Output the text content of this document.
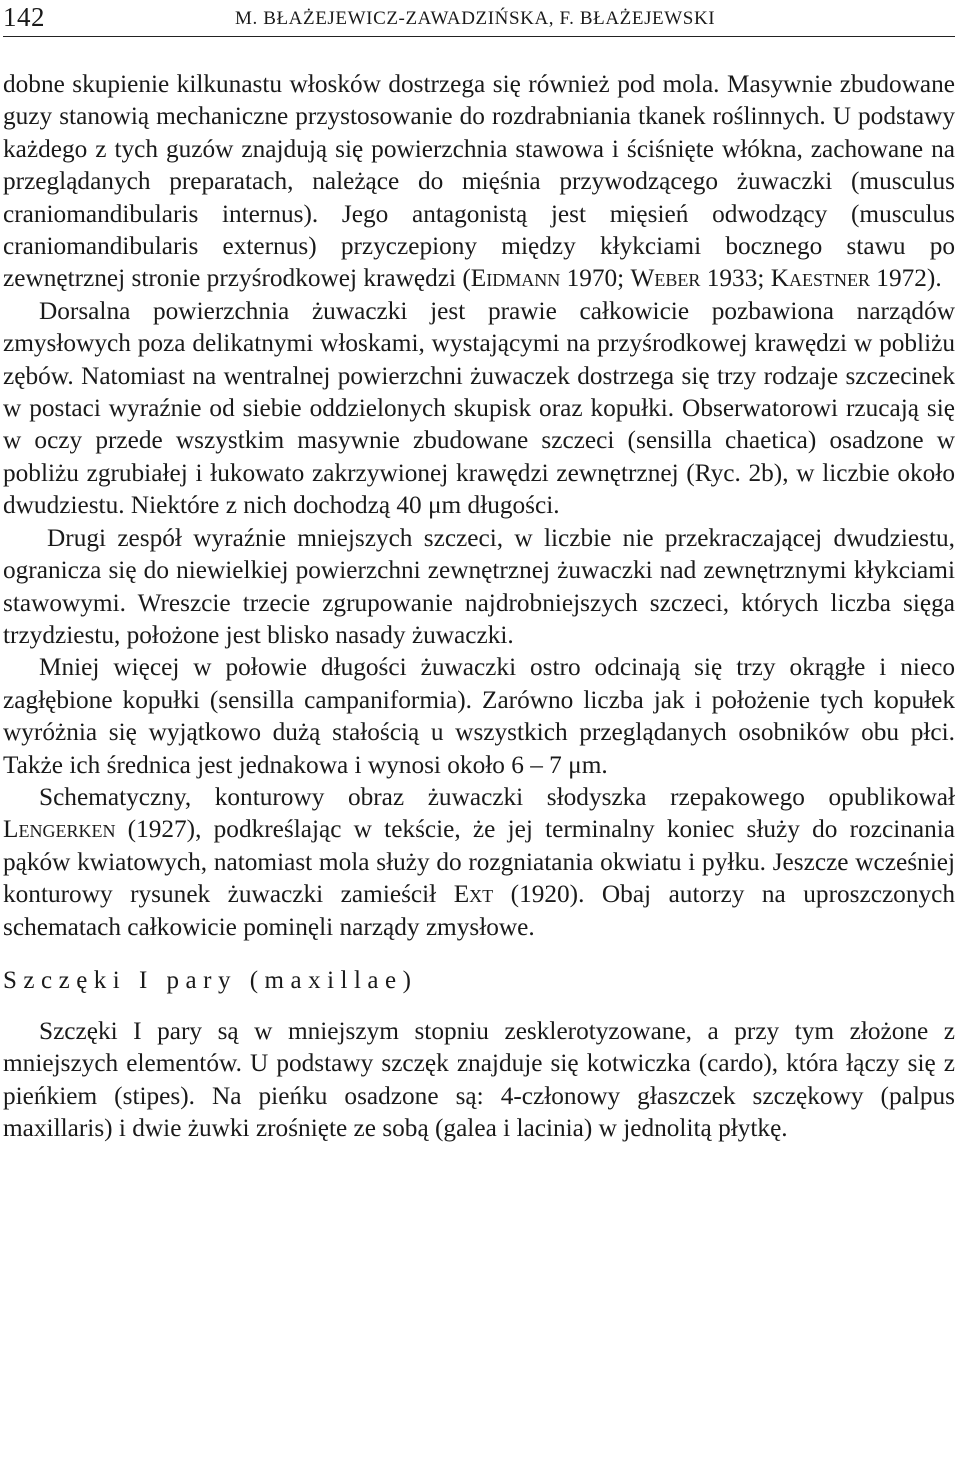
142	M. BŁAŻEJEWICZ-ZAWADZIŃSKA, F. BŁAŻEJEWSKI

dobne skupienie kilkunastu włosków dostrzega się również pod mola. Masywnie zbudowane guzy stanowią mechaniczne przystosowanie do rozdrabniania tkanek roślinnych. U podstawy każdego z tych guzów znajdują się powierzchnia stawowa i ściśnięte włókna, zachowane na przeglądanych preparatach, należące do mięśnia przywodzącego żuwaczki (musculus craniomandibularis internus). Jego antagonistą jest mięsień odwodzący (musculus craniomandibularis externus) przyczepiony między kłykciami bocznego stawu po zewnętrznej stronie przyśrodkowej krawędzi (Eidmann 1970; Weber 1933; Kaestner 1972).

Dorsalna powierzchnia żuwaczki jest prawie całkowicie pozbawiona narządów zmysłowych poza delikatnymi włoskami, wystającymi na przyśrodkowej krawędzi w pobliżu zębów. Natomiast na wentralnej powierzchni żuwaczek dostrzega się trzy rodzaje szczecinek w postaci wyraźnie od siebie oddzielonych skupisk oraz kopułki. Obserwatorowi rzucają się w oczy przede wszystkim masywnie zbudowane szczeci (sensilla chaetica) osadzone w pobliżu zgrubiałej i łukowato zakrzywionej krawędzi zewnętrznej (Ryc. 2b), w liczbie około dwudziestu. Niektóre z nich dochodzą 40 μm długości.

Drugi zespół wyraźnie mniejszych szczeci, w liczbie nie przekraczającej dwudziestu, ogranicza się do niewielkiej powierzchni zewnętrznej żuwaczki nad zewnętrznymi kłykciami stawowymi. Wreszcie trzecie zgrupowanie najdrobniejszych szczeci, których liczba sięga trzydziestu, położone jest blisko nasady żuwaczki.

Mniej więcej w połowie długości żuwaczki ostro odcinają się trzy okrągłe i nieco zagłębione kopułki (sensilla campaniformia). Zarówno liczba jak i położenie tych kopułek wyróżnia się wyjątkowo dużą stałością u wszystkich przeglądanych osobników obu płci. Także ich średnica jest jednakowa i wynosi około 6 – 7 μm.

Schematyczny, konturowy obraz żuwaczki słodyszka rzepakowego opublikował Lengerken (1927), podkreślając w tekście, że jej terminalny koniec służy do rozcinania pąków kwiatowych, natomiast mola służy do rozgniatania okwiatu i pyłku. Jeszcze wcześniej konturowy rysunek żuwaczki zamieścił Ext (1920). Obaj autorzy na uproszczonych schematach całkowicie pominęli narządy zmysłowe.

Szczęki I pary (maxillae)

Szczęki I pary są w mniejszym stopniu zesklerotyzowane, a przy tym złożone z mniejszych elementów. U podstawy szczęk znajduje się kotwiczka (cardo), która łączy się z pieńkiem (stipes). Na pieńku osadzone są: 4-członowy głaszczek szczękowy (palpus maxillaris) i dwie żuwki zrośnięte ze sobą (galea i lacinia) w jednolitą płytkę.
